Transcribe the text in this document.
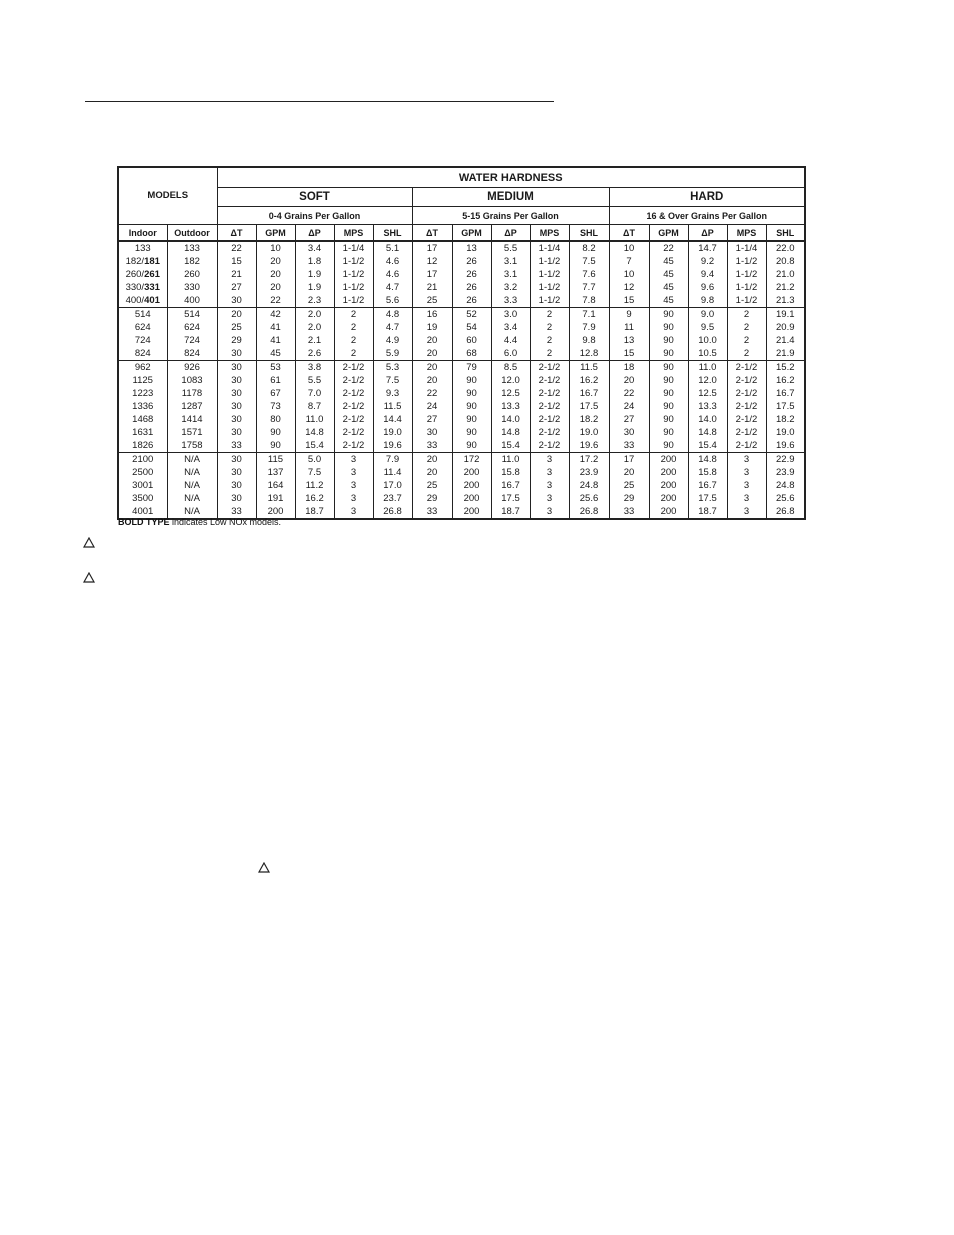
MODELS		WATER HARDNESS														
		SOFT					MEDIUM					HARD				
		0-4 Grains Per Gallon					5-15 Grains Per Gallon					16 & Over Grains Per Gallon				
Indoor	Outdoor	ΔT	GPM	ΔP	MPS	SHL	ΔT	GPM	ΔP	MPS	SHL	ΔT	GPM	ΔP	MPS	SHL
133	133	22	10	3.4	1-1/4	5.1	17	13	5.5	1-1/4	8.2	10	22	14.7	1-1/4	22.0
182/181	182	15	20	1.8	1-1/2	4.6	12	26	3.1	1-1/2	7.5	7	45	9.2	1-1/2	20.8
260/261	260	21	20	1.9	1-1/2	4.6	17	26	3.1	1-1/2	7.6	10	45	9.4	1-1/2	21.0
330/331	330	27	20	1.9	1-1/2	4.7	21	26	3.2	1-1/2	7.7	12	45	9.6	1-1/2	21.2
400/401	400	30	22	2.3	1-1/2	5.6	25	26	3.3	1-1/2	7.8	15	45	9.8	1-1/2	21.3
514	514	20	42	2.0	2	4.8	16	52	3.0	2	7.1	9	90	9.0	2	19.1
624	624	25	41	2.0	2	4.7	19	54	3.4	2	7.9	11	90	9.5	2	20.9
724	724	29	41	2.1	2	4.9	20	60	4.4	2	9.8	13	90	10.0	2	21.4
824	824	30	45	2.6	2	5.9	20	68	6.0	2	12.8	15	90	10.5	2	21.9
962	926	30	53	3.8	2-1/2	5.3	20	79	8.5	2-1/2	11.5	18	90	11.0	2-1/2	15.2
1125	1083	30	61	5.5	2-1/2	7.5	20	90	12.0	2-1/2	16.2	20	90	12.0	2-1/2	16.2
1223	1178	30	67	7.0	2-1/2	9.3	22	90	12.5	2-1/2	16.7	22	90	12.5	2-1/2	16.7
1336	1287	30	73	8.7	2-1/2	11.5	24	90	13.3	2-1/2	17.5	24	90	13.3	2-1/2	17.5
1468	1414	30	80	11.0	2-1/2	14.4	27	90	14.0	2-1/2	18.2	27	90	14.0	2-1/2	18.2
1631	1571	30	90	14.8	2-1/2	19.0	30	90	14.8	2-1/2	19.0	30	90	14.8	2-1/2	19.0
1826	1758	33	90	15.4	2-1/2	19.6	33	90	15.4	2-1/2	19.6	33	90	15.4	2-1/2	19.6
2100	N/A	30	115	5.0	3	7.9	20	172	11.0	3	17.2	17	200	14.8	3	22.9
2500	N/A	30	137	7.5	3	11.4	20	200	15.8	3	23.9	20	200	15.8	3	23.9
3001	N/A	30	164	11.2	3	17.0	25	200	16.7	3	24.8	25	200	16.7	3	24.8
3500	N/A	30	191	16.2	3	23.7	29	200	17.5	3	25.6	29	200	17.5	3	25.6
4001	N/A	33	200	18.7	3	26.8	33	200	18.7	3	26.8	33	200	18.7	3	26.8
BOLD TYPE indicates Low NOx models.
